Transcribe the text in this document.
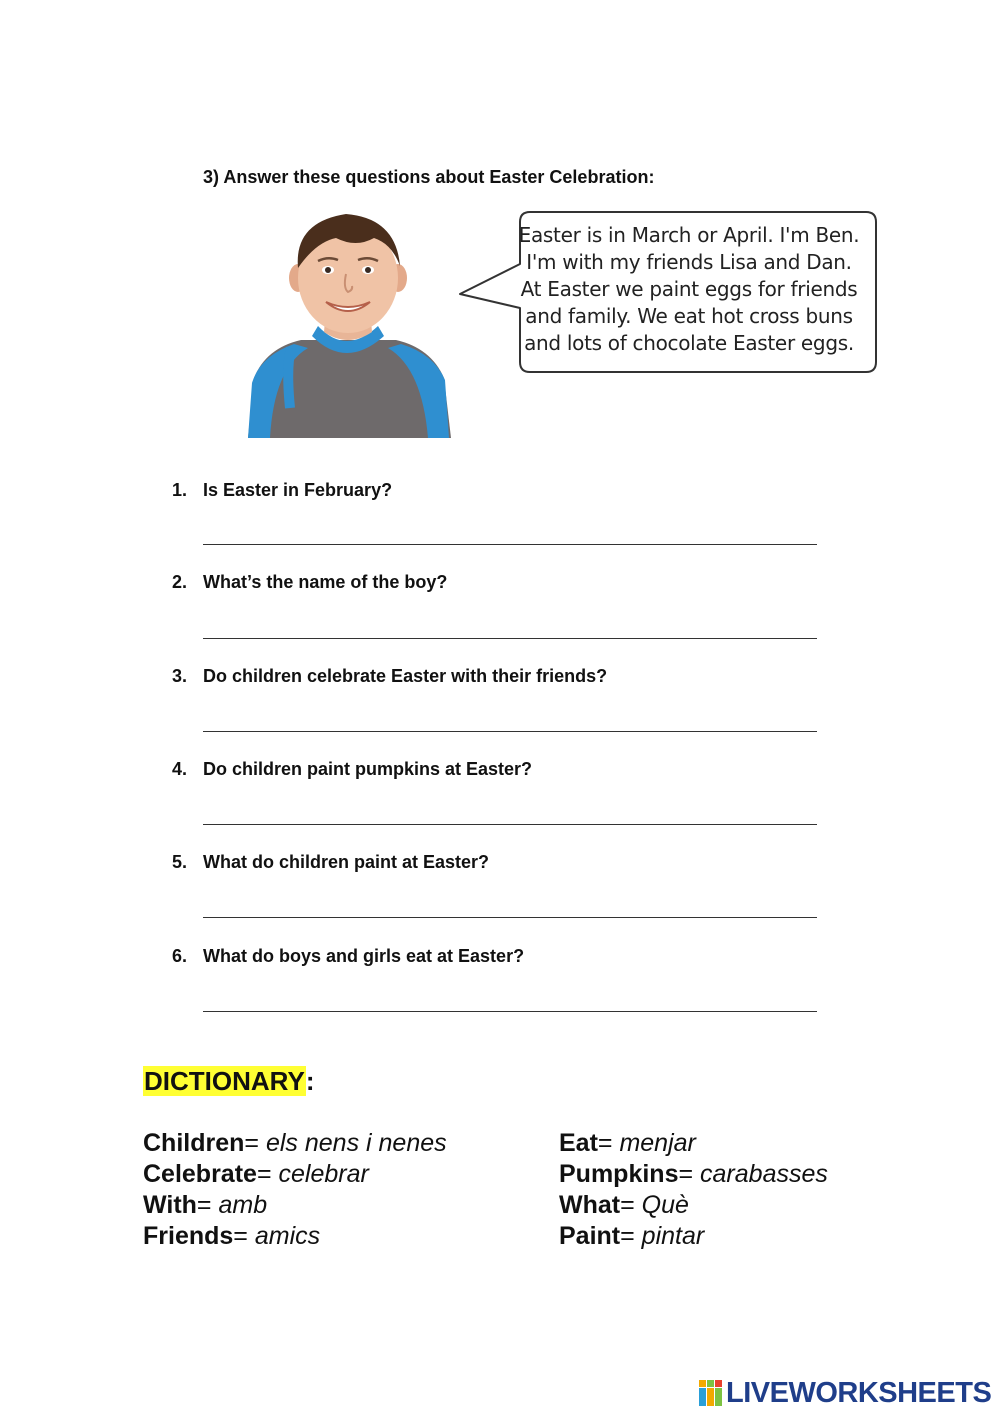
3) Answer these questions about Easter Celebration:
Easter is in March or April. I'm Ben.
I'm with my friends Lisa and Dan.
At Easter we paint eggs for friends
and family. We eat hot cross buns
and lots of chocolate Easter eggs.
1. Is Easter in February?
2. What’s the name of the boy?
3. Do children celebrate Easter with their friends?
4. Do children paint pumpkins at Easter?
5. What do children paint at Easter?
6. What do boys and girls eat at Easter?
DICTIONARY:
Children= els nens i nenes
Celebrate= celebrar
With= amb
Friends= amics
Eat= menjar
Pumpkins= carabasses
What= Què
Paint= pintar
LIVEWORKSHEETS
